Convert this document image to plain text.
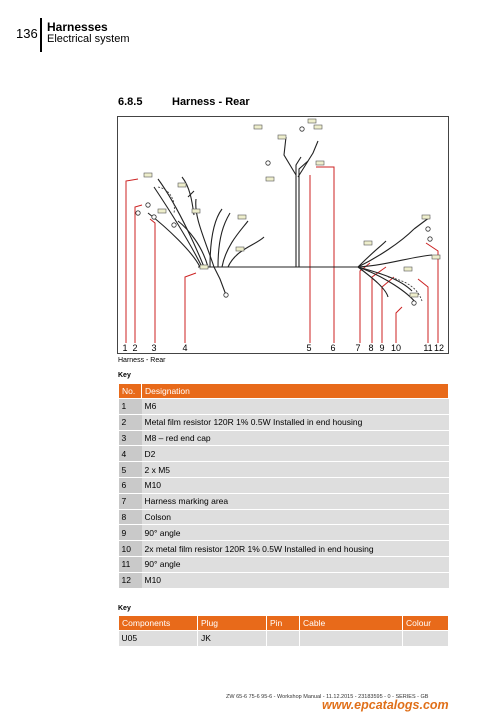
136 Harnesses
Electrical system
6.8.5	Harness - Rear
1 2 3	4	5 6 7 8 9 10 11 12
Harness - Rear
Key
No.	Designation
1	M6
2	Metal film resistor 120R 1% 0.5W Installed in end housing
3	M8 – red end cap
4	D2
5	2 x M5
6	M10
7	Harness marking area
8	Colson
9	90° angle
10	2x metal film resistor 120R 1% 0.5W Installed in end housing
11	90° angle
12	M10
Key
Components	Plug	Pin	Cable	Colour
U05	JK			
ZW 65-6 75-6 95-6 - Workshop Manual - 11.12.2015 - 23183595 - 0 - SERIES - GB
www.epcatalogs.com
